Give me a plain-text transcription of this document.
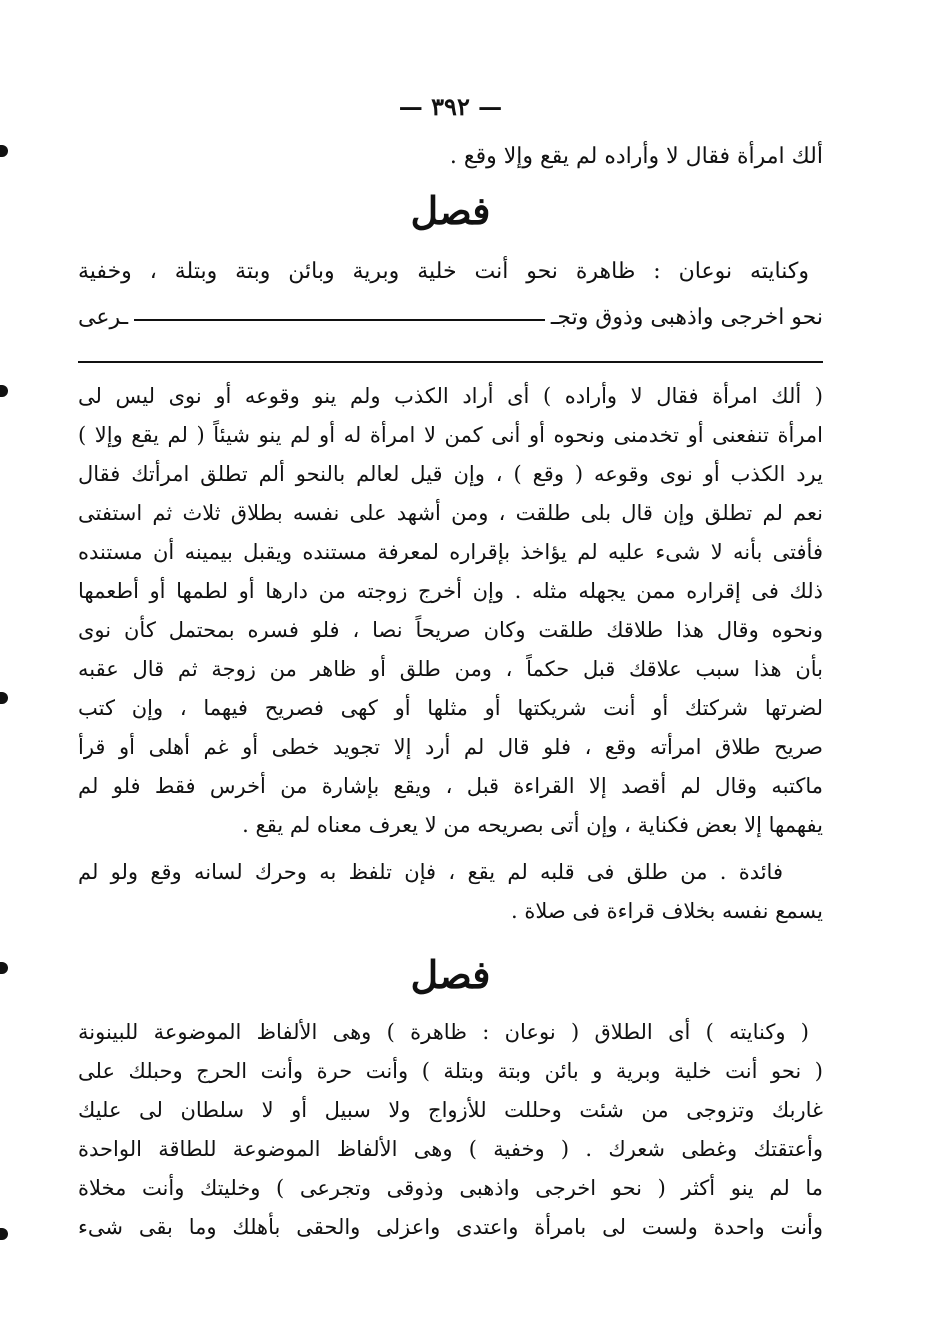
— ٣٩٢ —
ألك امرأة فقال لا وأراده لم يقع وإلا وقع .
فصل
وكنايته نوعان : ظاهرة نحو أنت خلية وبرية وبائن وبتة وبتلة ، وخفية
نحو اخرجى واذهبى وذوق وتجـ
ـرعى
( ألك امرأة فقال لا وأراده ) أى أراد الكذب ولم ينو وقوعه أو نوى ليس لى
امرأة تنفعنى أو تخدمنى ونحوه أو أنى كمن لا امرأة له أو لم ينو شيئاً ( لم يقع وإلا )
يرد الكذب أو نوى وقوعه ( وقع ) ، وإن قيل لعالم بالنحو ألم تطلق امرأتك فقال
نعم لم تطلق وإن قال بلى طلقت ، ومن أشهد على نفسه بطلاق ثلاث ثم استفتى
فأفتى بأنه لا شىء عليه لم يؤاخذ بإقراره لمعرفة مستنده ويقبل بيمينه أن مستنده
ذلك فى إقراره ممن يجهله مثله . وإن أخرج زوجته من دارها أو لطمها أو أطعمها
ونحوه وقال هذا طلاقك طلقت وكان صريحاً نصا ، فلو فسره بمحتمل كأن نوى
بأن هذا سبب علاقك قبل حكماً ، ومن طلق أو ظاهر من زوجة ثم قال عقبه
لضرتها شركتك أو أنت شريكتها أو مثلها أو كهى فصريح فيهما ، وإن كتب
صريح طلاق امرأته وقع ، فلو قال لم أرد إلا تجويد خطى أو غم أهلى أو قرأ
ماكتبه وقال لم أقصد إلا القراءة قبل ، ويقع بإشارة من أخرس فقط فلو لم
يفهمها إلا بعض فكناية ، وإن أتى بصريحه من لا يعرف معناه لم يقع .
فائدة . من طلق فى قلبه لم يقع ، فإن تلفظ به وحرك لسانه وقع ولو لم
يسمع نفسه بخلاف قراءة فى صلاة .
فصل
( وكنايته ) أى الطلاق ( نوعان : ظاهرة ) وهى الألفاظ الموضوعة للبينونة
( نحو أنت خلية وبرية و بائن وبتة وبتلة ) وأنت حرة وأنت الحرج وحبلك على
غاربك وتزوجى من شئت وحللت للأزواج ولا سبيل أو لا سلطان لى عليك
وأعتقتك وغطى شعرك . ( وخفية ) وهى الألفاظ الموضوعة للطاقة الواحدة
ما لم ينو أكثر ( نحو اخرجى واذهبى وذوقى وتجرعى ) وخليتك وأنت مخلاة
وأنت واحدة ولست لى بامرأة واعتدى واعزلى والحقى بأهلك وما بقى شىء
